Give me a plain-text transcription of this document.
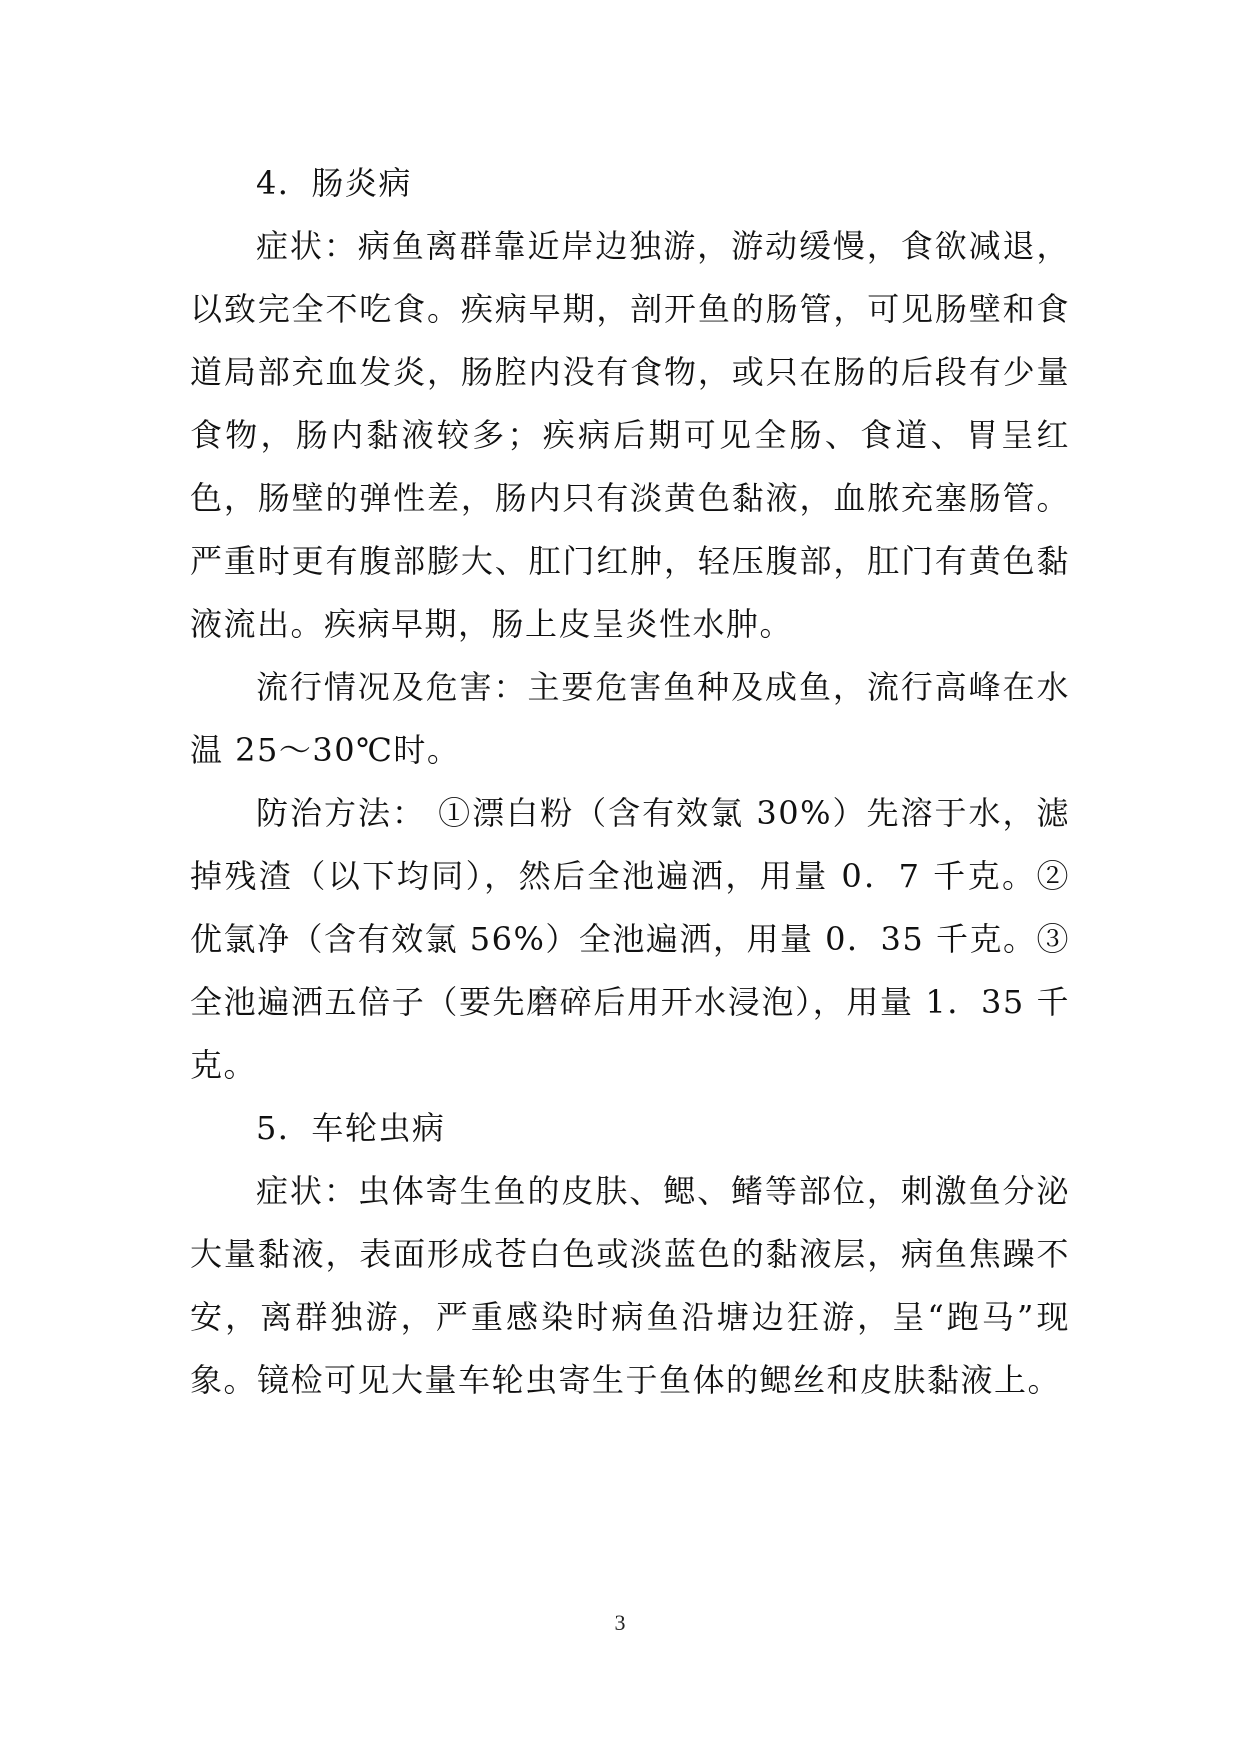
4．肠炎病

症状：病鱼离群靠近岸边独游，游动缓慢，食欲减退，以致完全不吃食。疾病早期，剖开鱼的肠管，可见肠壁和食道局部充血发炎，肠腔内没有食物，或只在肠的后段有少量食物，肠内黏液较多；疾病后期可见全肠、食道、胃呈红色，肠壁的弹性差，肠内只有淡黄色黏液，血脓充塞肠管。严重时更有腹部膨大、肛门红肿，轻压腹部，肛门有黄色黏液流出。疾病早期，肠上皮呈炎性水肿。

流行情况及危害：主要危害鱼种及成鱼，流行高峰在水温 25～30℃时。

防治方法： ①漂白粉（含有效氯 30%）先溶于水，滤掉残渣（以下均同），然后全池遍洒，用量 0．7 千克。②优氯净（含有效氯 56%）全池遍洒，用量 0．35 千克。③全池遍洒五倍子（要先磨碎后用开水浸泡），用量 1．35 千克。

5．车轮虫病

症状：虫体寄生鱼的皮肤、鳃、鳍等部位，刺激鱼分泌大量黏液，表面形成苍白色或淡蓝色的黏液层，病鱼焦躁不安，离群独游，严重感染时病鱼沿塘边狂游，呈“跑马”现象。镜检可见大量车轮虫寄生于鱼体的鳃丝和皮肤黏液上。

3
